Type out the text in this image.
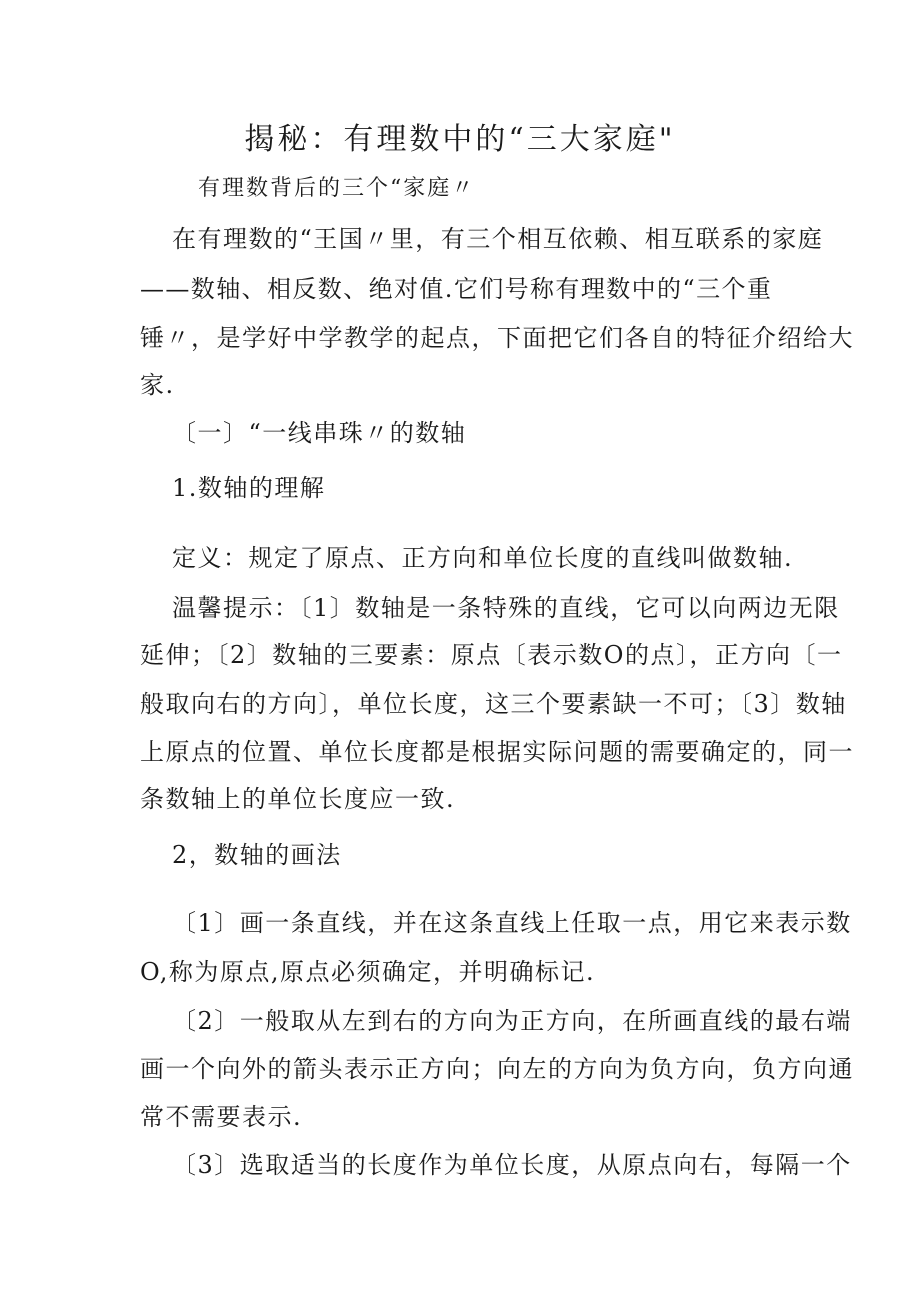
揭秘：有理数中的“三大家庭"
有理数背后的三个“家庭〃
在有理数的“王国〃里，有三个相互依赖、相互联系的家庭
——数轴、相反数、绝对值.它们号称有理数中的“三个重
锤〃，是学好中学教学的起点，下面把它们各自的特征介绍给大
家.
〔一〕“一线串珠〃的数轴
1.数轴的理解
定义：规定了原点、正方向和单位长度的直线叫做数轴.
温馨提示：〔1〕数轴是一条特殊的直线，它可以向两边无限
延伸；〔2〕数轴的三要素：原点〔表示数O的点〕，正方向〔一
般取向右的方向〕，单位长度，这三个要素缺一不可；〔3〕数轴
上原点的位置、单位长度都是根据实际问题的需要确定的，同一
条数轴上的单位长度应一致.
2，数轴的画法
〔1〕画一条直线，并在这条直线上任取一点，用它来表示数
O,称为原点,原点必须确定，并明确标记.
〔2〕一般取从左到右的方向为正方向，在所画直线的最右端
画一个向外的箭头表示正方向；向左的方向为负方向，负方向通
常不需要表示.
〔3〕选取适当的长度作为单位长度，从原点向右，每隔一个
